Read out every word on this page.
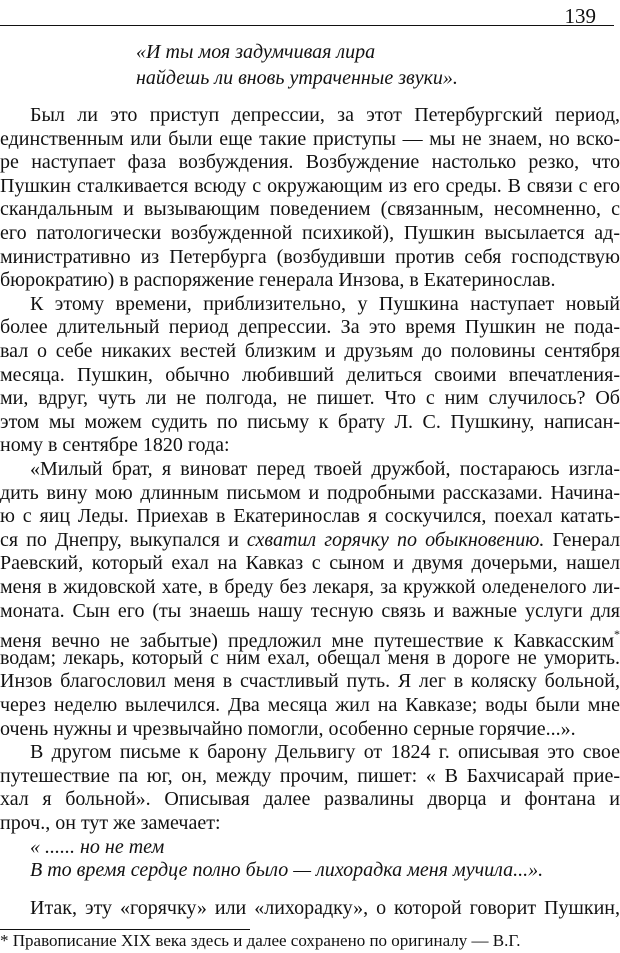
139
«И ты моя задумчивая лира
найдешь ли вновь утраченные звуки».
Был ли это приступ депрессии, за этот Петербургский период,
единственным или были еще такие приступы — мы не знаем, но вско-
ре наступает фаза возбуждения. Возбуждение настолько резко, что
Пушкин сталкивается всюду с окружающим из его среды. В связи с его
скандальным и вызывающим поведением (связанным, несомненно, с
его патологически возбужденной психикой), Пушкин высылается ад-
министративно из Петербурга (возбудивши против себя господствую
бюрократию) в распоряжение генерала Инзова, в Екатеринослав.
К этому времени, приблизительно, у Пушкина наступает новый
более длительный период депрессии. За это время Пушкин не пода-
вал о себе никаких вестей близким и друзьям до половины сентября
месяца. Пушкин, обычно любивший делиться своими впечатления-
ми, вдруг, чуть ли не полгода, не пишет. Что с ним случилось? Об
этом мы можем судить по письму к брату Л. С. Пушкину, написан-
ному в сентябре 1820 года:
«Милый брат, я виноват перед твоей дружбой, постараюсь изгла-
дить вину мою длинным письмом и подробными рассказами. Начина-
ю с яиц Леды. Приехав в Екатеринослав я соскучился, поехал катать-
ся по Днепру, выкупался и схватил горячку по обыкновению. Генерал
Раевский, который ехал на Кавказ с сыном и двумя дочерьми, нашел
меня в жидовской хате, в бреду без лекаря, за кружкой оледенелого ли-
моната. Сын его (ты знаешь нашу тесную связь и важные услуги для
меня вечно не забытые) предложил мне путешествие к Кавкасским*
водам; лекарь, который с ним ехал, обещал меня в дороге не уморить.
Инзов благословил меня в счастливый путь. Я лег в коляску больной,
через неделю вылечился. Два месяца жил на Кавказе; воды были мне
очень нужны и чрезвычайно помогли, особенно серные горячие...».
В другом письме к барону Дельвигу от 1824 г. описывая это свое
путешествие па юг, он, между прочим, пишет: « В Бахчисарай прие-
хал я больной». Описывая далее развалины дворца и фонтана и
проч., он тут же замечает:
« ...... но не тем
В то время сердце полно было — лихорадка меня мучила...».
* Правописание XIX века здесь и далее сохранено по оригиналу — В.Г.
Итак, эту «горячку» или «лихорадку», о которой говорит Пушкин,
